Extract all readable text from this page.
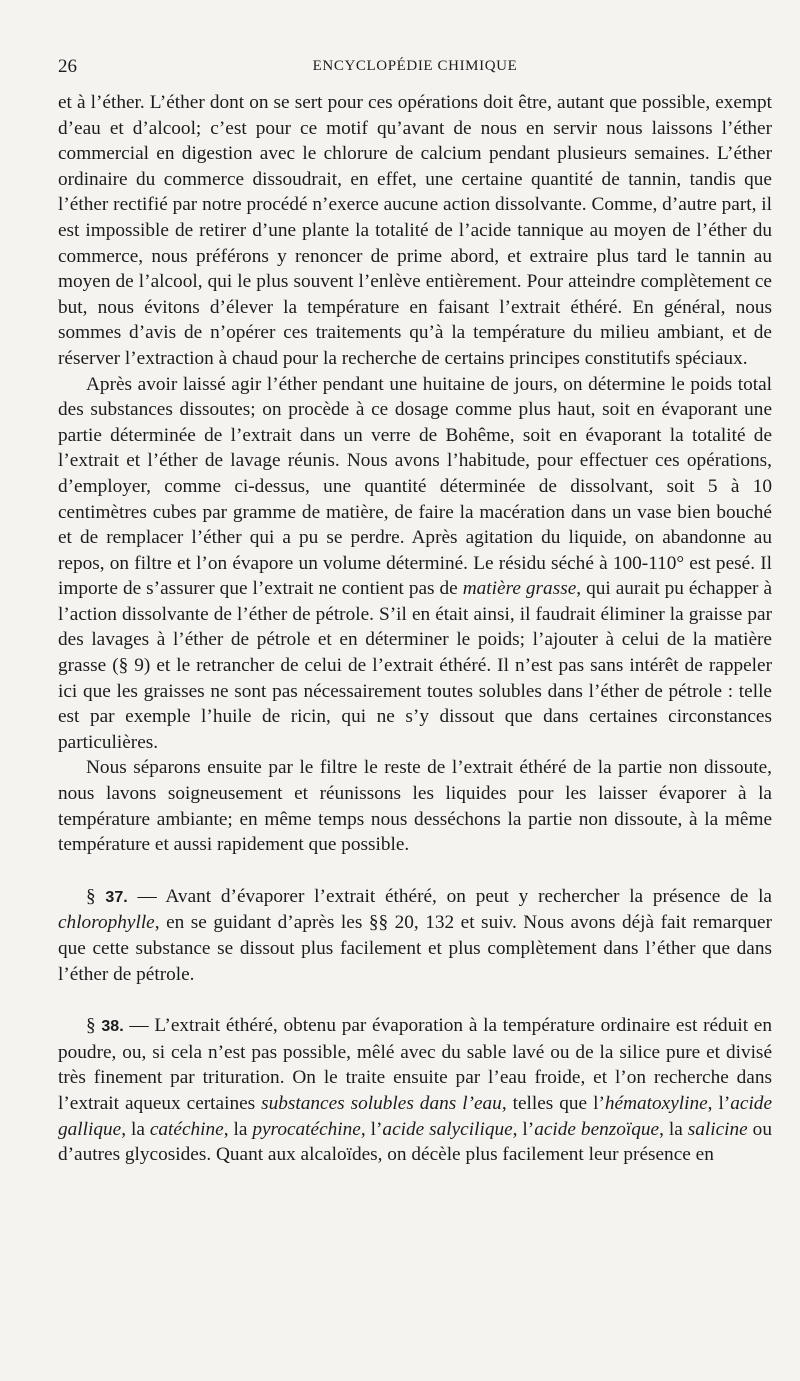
26	ENCYCLOPÉDIE CHIMIQUE

et à l’éther. L’éther dont on se sert pour ces opérations doit être, autant que possible, exempt d’eau et d’alcool; c’est pour ce motif qu’avant de nous en servir nous laissons l’éther commercial en digestion avec le chlorure de calcium pendant plusieurs semaines. L’éther ordinaire du commerce dissoudrait, en effet, une certaine quantité de tannin, tandis que l’éther rectifié par notre procédé n’exerce aucune action dissolvante. Comme, d’autre part, il est impossible de retirer d’une plante la totalité de l’acide tannique au moyen de l’éther du commerce, nous préférons y renoncer de prime abord, et extraire plus tard le tannin au moyen de l’alcool, qui le plus souvent l’enlève entièrement. Pour atteindre complètement ce but, nous évitons d’élever la température en faisant l’extrait éthéré. En général, nous sommes d’avis de n’opérer ces traitements qu’à la température du milieu ambiant, et de réserver l’extraction à chaud pour la recherche de certains principes constitutifs spéciaux.

Après avoir laissé agir l’éther pendant une huitaine de jours, on détermine le poids total des substances dissoutes; on procède à ce dosage comme plus haut, soit en évaporant une partie déterminée de l’extrait dans un verre de Bohême, soit en évaporant la totalité de l’extrait et l’éther de lavage réunis. Nous avons l’habitude, pour effectuer ces opérations, d’employer, comme ci-dessus, une quantité déterminée de dissolvant, soit 5 à 10 centimètres cubes par gramme de matière, de faire la macération dans un vase bien bouché et de remplacer l’éther qui a pu se perdre. Après agitation du liquide, on abandonne au repos, on filtre et l’on évapore un volume déterminé. Le résidu séché à 100-110° est pesé. Il importe de s’assurer que l’extrait ne contient pas de matière grasse, qui aurait pu échapper à l’action dissolvante de l’éther de pétrole. S’il en était ainsi, il faudrait éliminer la graisse par des lavages à l’éther de pétrole et en déterminer le poids; l’ajouter à celui de la matière grasse (§ 9) et le retrancher de celui de l’extrait éthéré. Il n’est pas sans intérêt de rappeler ici que les graisses ne sont pas nécessairement toutes solubles dans l’éther de pétrole : telle est par exemple l’huile de ricin, qui ne s’y dissout que dans certaines circonstances particulières.

Nous séparons ensuite par le filtre le reste de l’extrait éthéré de la partie non dissoute, nous lavons soigneusement et réunissons les liquides pour les laisser évaporer à la température ambiante; en même temps nous desséchons la partie non dissoute, à la même température et aussi rapidement que possible.

§ 37. — Avant d’évaporer l’extrait éthéré, on peut y rechercher la présence de la chlorophylle, en se guidant d’après les §§ 20, 132 et suiv. Nous avons déjà fait remarquer que cette substance se dissout plus facilement et plus complètement dans l’éther que dans l’éther de pétrole.

§ 38. — L’extrait éthéré, obtenu par évaporation à la température ordinaire est réduit en poudre, ou, si cela n’est pas possible, mêlé avec du sable lavé ou de la silice pure et divisé très finement par trituration. On le traite ensuite par l’eau froide, et l’on recherche dans l’extrait aqueux certaines substances solubles dans l’eau, telles que l’hématoxyline, l’acide gallique, la catéchine, la pyrocatéchine, l’acide salycilique, l’acide benzoïque, la salicine ou d’autres glycosides. Quant aux alcaloïdes, on décèle plus facilement leur présence en
